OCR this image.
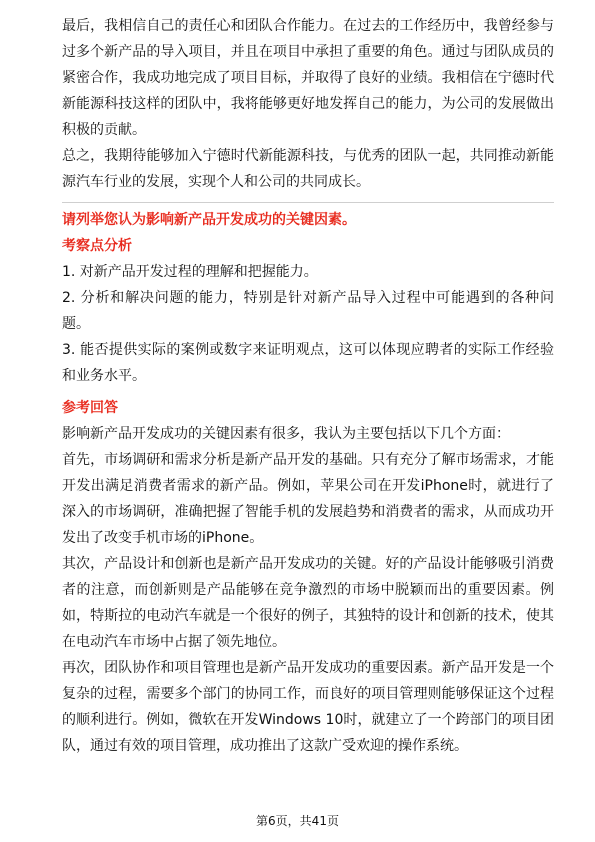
最后，我相信自己的责任心和团队合作能力。在过去的工作经历中，我曾经参与过多个新产品的导入项目，并且在项目中承担了重要的角色。通过与团队成员的紧密合作，我成功地完成了项目目标，并取得了良好的业绩。我相信在宁德时代新能源科技这样的团队中，我将能够更好地发挥自己的能力，为公司的发展做出积极的贡献。

总之，我期待能够加入宁德时代新能源科技，与优秀的团队一起，共同推动新能源汽车行业的发展，实现个人和公司的共同成长。

请列举您认为影响新产品开发成功的关键因素。

考察点分析

1. 对新产品开发过程的理解和把握能力。

2. 分析和解决问题的能力，特别是针对新产品导入过程中可能遇到的各种问题。

3. 能否提供实际的案例或数字来证明观点，这可以体现应聘者的实际工作经验和业务水平。

参考回答

影响新产品开发成功的关键因素有很多，我认为主要包括以下几个方面：

首先，市场调研和需求分析是新产品开发的基础。只有充分了解市场需求，才能开发出满足消费者需求的新产品。例如，苹果公司在开发iPhone时，就进行了深入的市场调研，准确把握了智能手机的发展趋势和消费者的需求，从而成功开发出了改变手机市场的iPhone。

其次，产品设计和创新也是新产品开发成功的关键。好的产品设计能够吸引消费者的注意，而创新则是产品能够在竞争激烈的市场中脱颖而出的重要因素。例如，特斯拉的电动汽车就是一个很好的例子，其独特的设计和创新的技术，使其在电动汽车市场中占据了领先地位。

再次，团队协作和项目管理也是新产品开发成功的重要因素。新产品开发是一个复杂的过程，需要多个部门的协同工作，而良好的项目管理则能够保证这个过程的顺利进行。例如，微软在开发Windows 10时，就建立了一个跨部门的项目团队，通过有效的项目管理，成功推出了这款广受欢迎的操作系统。

第6页，共41页
